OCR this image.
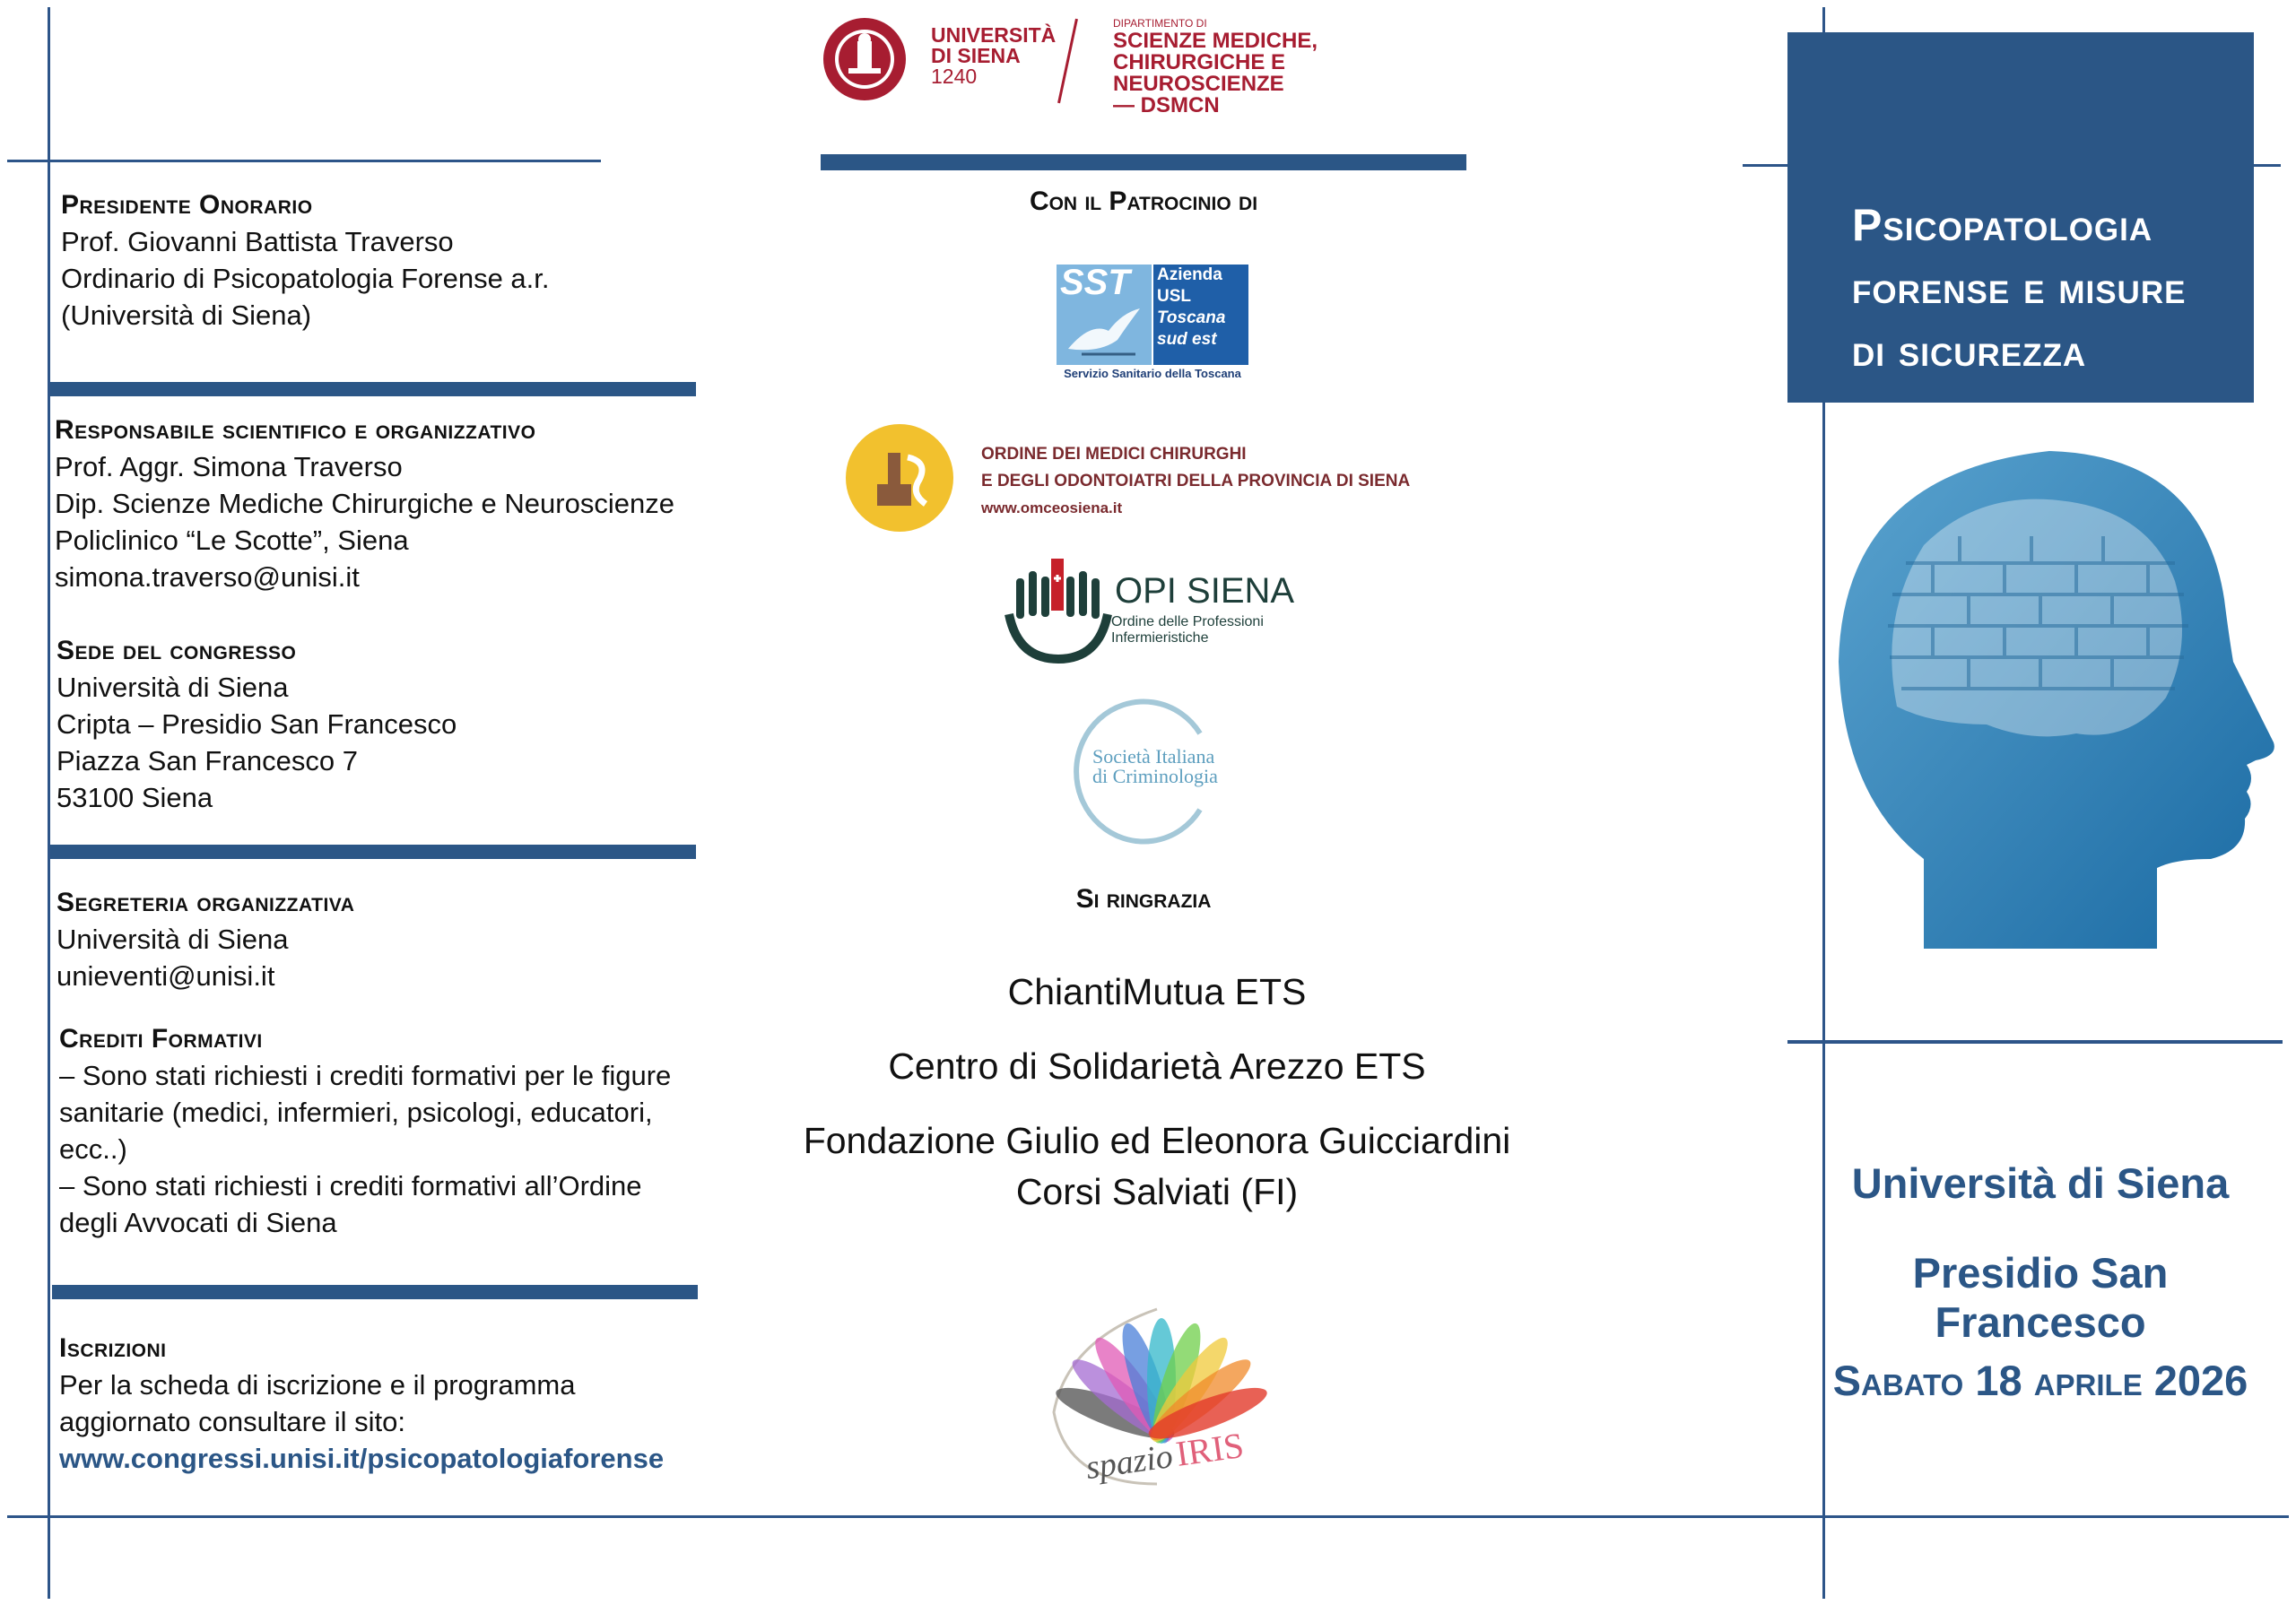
UNIVERSITÀ
DI SIENA
1240
DIPARTIMENTO DI
SCIENZE MEDICHE,
CHIRURGICHE E NEUROSCIENZE
— DSMCN
Presidente Onorario
Prof. Giovanni Battista Traverso
Ordinario di Psicopatologia Forense a.r.
(Università di Siena)
Responsabile scientifico e organizzativo
Prof. Aggr. Simona Traverso
Dip. Scienze Mediche Chirurgiche e Neuroscienze
Policlinico “Le Scotte”, Siena
simona.traverso@unisi.it
Sede del congresso
Università di Siena
Cripta – Presidio San Francesco
Piazza San Francesco 7
53100 Siena
Segreteria organizzativa
Università di Siena
unieventi@unisi.it
Crediti Formativi
– Sono stati richiesti i crediti formativi per le figure
sanitarie (medici, infermieri, psicologi, educatori,
ecc..)
– Sono stati richiesti i crediti formativi all’Ordine
degli Avvocati di Siena
Iscrizioni
Per la scheda di iscrizione e il programma
aggiornato consultare il sito:
www.congressi.unisi.it/psicopatologiaforense
Con il Patrocinio di
SST Azienda
USL
Toscana
sud est
Servizio Sanitario della Toscana
ORDINE DEI MEDICI CHIRURGHI
E DEGLI ODONTOIATRI DELLA PROVINCIA DI SIENA
www.omceosiena.it
OPI SIENA
Ordine delle Professioni
Infermieristiche
Società Italiana
di Criminologia
Si ringrazia
ChiantiMutua ETS
Centro di Solidarietà Arezzo ETS
Fondazione Giulio ed Eleonora Guicciardini
Corsi Salviati (FI)
spazio IRIS
Psicopatologia
forense e misure
di sicurezza
Università di Siena
Presidio San Francesco
Sabato 18 aprile 2026
